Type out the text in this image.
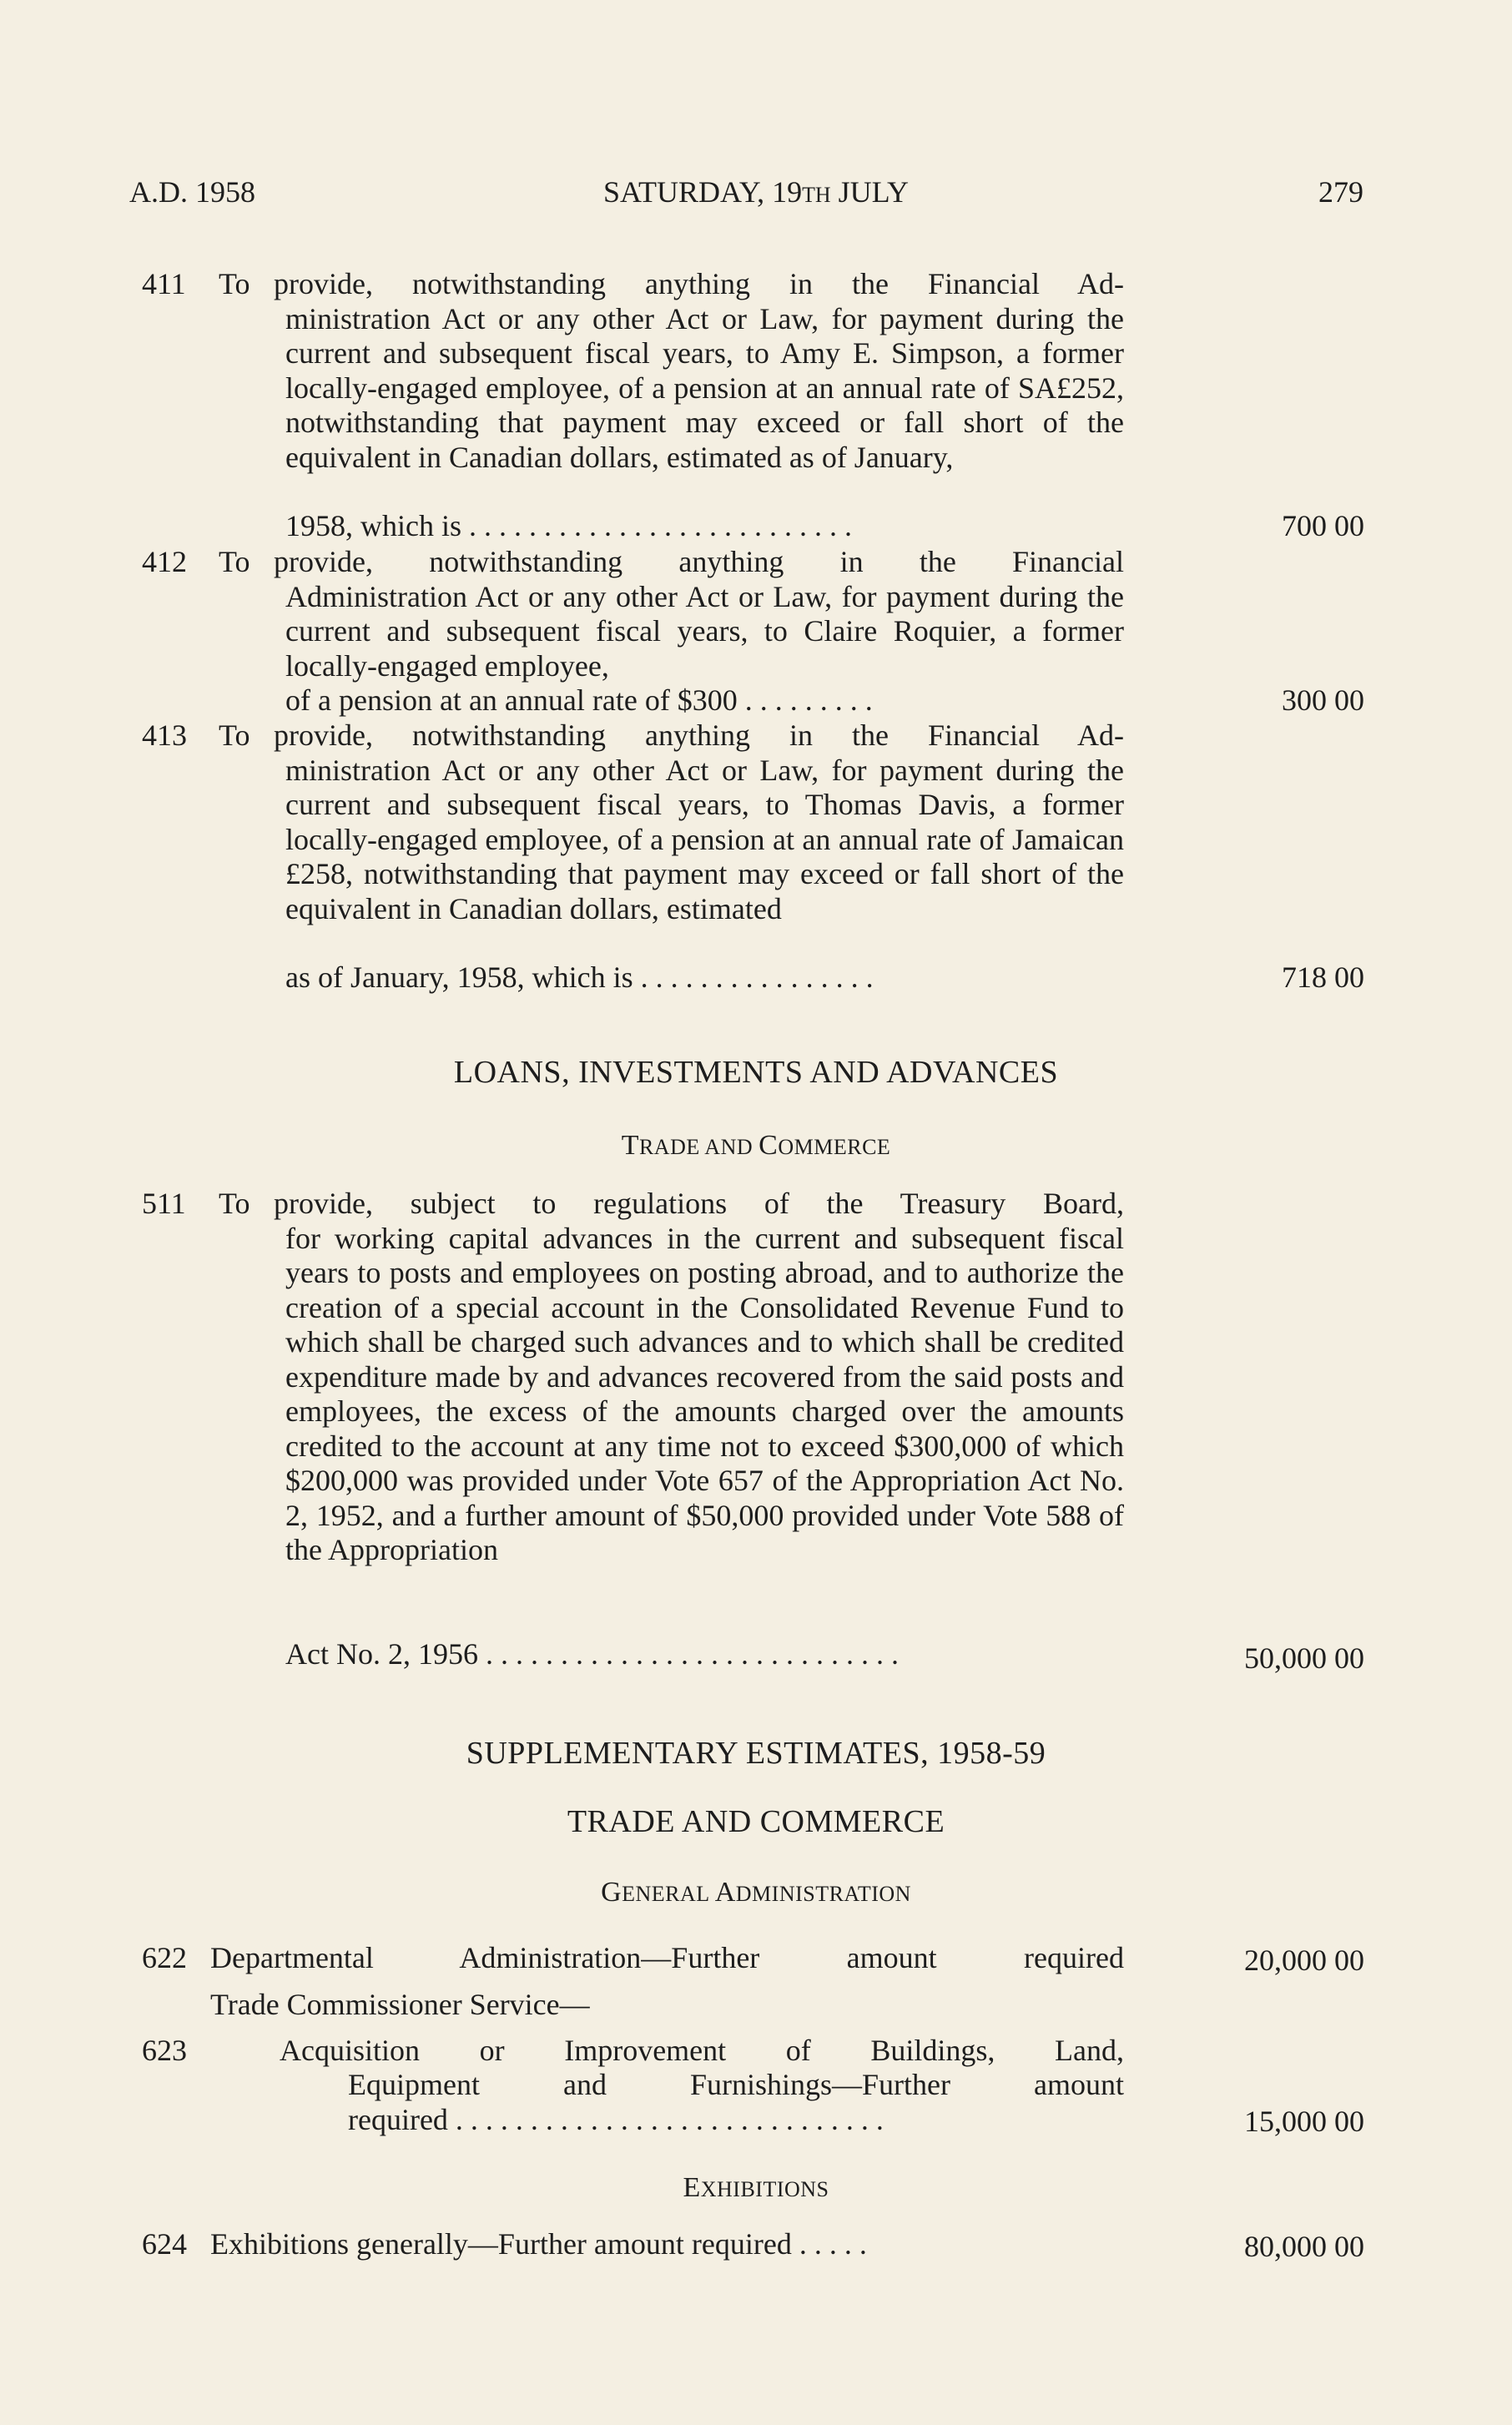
A.D. 1958	SATURDAY, 19TH JULY	279
411 To provide, notwithstanding anything in the Financial Ad-
ministration Act or any other Act or Law, for payment during the current and subsequent fiscal years, to Amy E. Simpson, a former locally-engaged employee, of a pension at an annual rate of SA£252, notwithstanding that payment may exceed or fall short of the equivalent in Canadian dollars, estimated as of January,
1958, which is . . . . . . . . . . . . . . . . . . . . . . . . . .	700 00
412 To provide, notwithstanding anything in the Financial
Administration Act or any other Act or Law, for payment during the current and subsequent fiscal years, to Claire Roquier, a former locally-engaged employee,
of a pension at an annual rate of $300 . . . . . . . . .	300 00
413 To provide, notwithstanding anything in the Financial Ad-
ministration Act or any other Act or Law, for payment during the current and subsequent fiscal years, to Thomas Davis, a former locally-engaged employee, of a pension at an annual rate of Jamaican £258, notwithstanding that payment may exceed or fall short of the equivalent in Canadian dollars, estimated
as of January, 1958, which is . . . . . . . . . . . . . . . .	718 00
LOANS, INVESTMENTS AND ADVANCES
TRADE AND COMMERCE
511 To provide, subject to regulations of the Treasury Board,
for working capital advances in the current and subsequent fiscal years to posts and employees on posting abroad, and to authorize the creation of a special account in the Consolidated Revenue Fund to which shall be charged such advances and to which shall be credited expenditure made by and advances recovered from the said posts and employees, the excess of the amounts charged over the amounts credited to the account at any time not to exceed $300,000 of which $200,000 was provided under Vote 657 of the Appropriation Act No. 2, 1952, and a further amount of $50,000 provided under Vote 588 of the Appropriation
Act No. 2, 1956 . . . . . . . . . . . . . . . . . . . . . . . . . . . .	50,000 00
SUPPLEMENTARY ESTIMATES, 1958-59
TRADE AND COMMERCE
GENERAL ADMINISTRATION
622 Departmental Administration—Further amount required	20,000 00
Trade Commissioner Service—
623	Acquisition or Improvement of Buildings, Land,
Equipment and Furnishings—Further amount
required . . . . . . . . . . . . . . . . . . . . . . . . . . . . .	15,000 00
EXHIBITIONS
624 Exhibitions generally—Further amount required . . . . .	80,000 00
